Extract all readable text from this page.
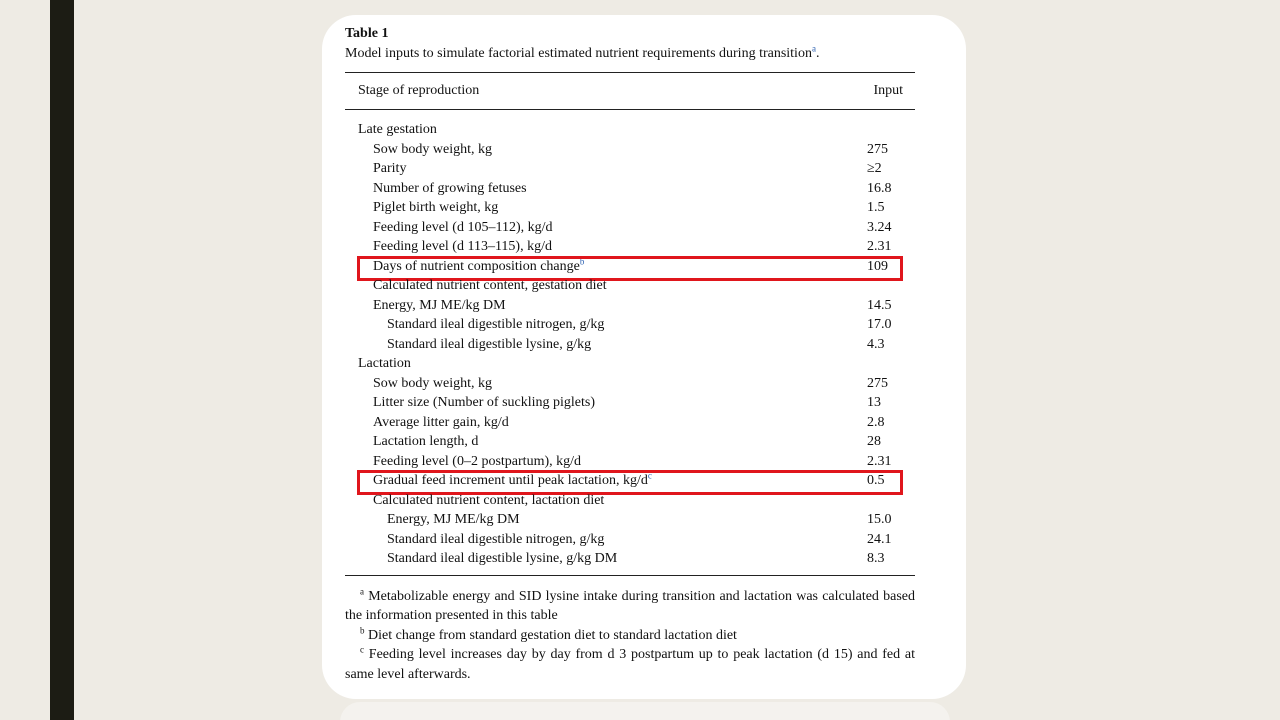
Table 1
Model inputs to simulate factorial estimated nutrient requirements during transition$^a$.
Stage of reproduction	Input
Late gestation
Sow body weight, kg	275
Parity	≥2
Number of growing fetuses	16.8
Piglet birth weight, kg	1.5
Feeding level (d 105–112), kg/d	3.24
Feeding level (d 113–115), kg/d	2.31
Days of nutrient composition change$^b$	109
Calculated nutrient content, gestation diet
Energy, MJ ME/kg DM	14.5
Standard ileal digestible nitrogen, g/kg	17.0
Standard ileal digestible lysine, g/kg	4.3
Lactation
Sow body weight, kg	275
Litter size (Number of suckling piglets)	13
Average litter gain, kg/d	2.8
Lactation length, d	28
Feeding level (0–2 postpartum), kg/d	2.31
Gradual feed increment until peak lactation, $kg/d^c$	0.5
Calculated nutrient content, lactation diet
Energy, MJ ME/kg DM	15.0
Standard ileal digestible nitrogen, g/kg	24.1
Standard ileal digestible lysine, g/kg DM	8.3

$^a$ Metabolizable energy and SID lysine intake during transition and lactation was calculated based the information presented in this table

$^b$ Diet change from standard gestation diet to standard lactation diet

$^c$ Feeding level increases day by day from d 3 postpartum up to peak lactation (d 15) and fed at same level afterwards.
